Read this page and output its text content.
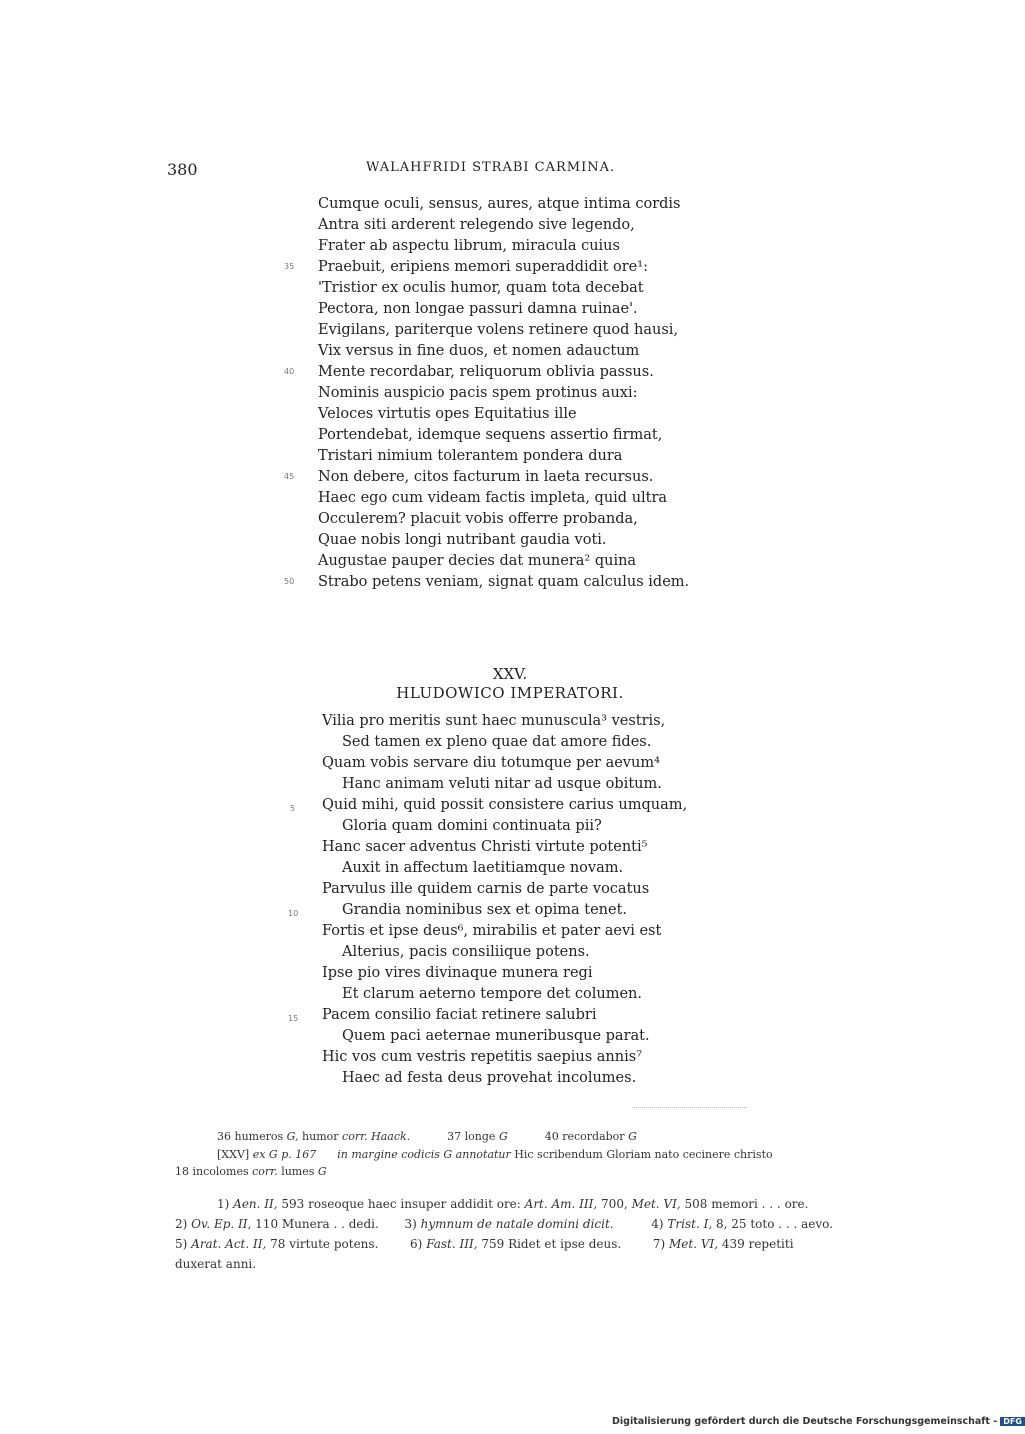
380	WALAHFRIDI STRABI CARMINA.
35
40
45
50
Cumque oculi, sensus, aures, atque intima cordis
Antra siti arderent relegendo sive legendo,
Frater ab aspectu librum, miracula cuius
Praebuit, eripiens memori superaddidit ore¹:
'Tristior ex oculis humor, quam tota decebat
Pectora, non longae passuri damna ruinae'.
Evigilans, pariterque volens retinere quod hausi,
Vix versus in fine duos, et nomen adauctum
Mente recordabar, reliquorum oblivia passus.
Nominis auspicio pacis spem protinus auxi:
Veloces virtutis opes Equitatius ille
Portendebat, idemque sequens assertio firmat,
Tristari nimium tolerantem pondera dura
Non debere, citos facturum in laeta recursus.
Haec ego cum videam factis impleta, quid ultra
Occulerem? placuit vobis offerre probanda,
Quae nobis longi nutribant gaudia voti.
Augustae pauper decies dat munera² quina
Strabo petens veniam, signat quam calculus idem.
XXV.
HLUDOWICO IMPERATORI.
5
10
15
Vilia pro meritis sunt haec munuscula³ vestris,
Sed tamen ex pleno quae dat amore fides.
Quam vobis servare diu totumque per aevum⁴
Hanc animam veluti nitar ad usque obitum.
Quid mihi, quid possit consistere carius umquam,
Gloria quam domini continuata pii?
Hanc sacer adventus Christi virtute potenti⁵
Auxit in affectum laetitiamque novam.
Parvulus ille quidem carnis de parte vocatus
Grandia nominibus sex et opima tenet.
Fortis et ipse deus⁶, mirabilis et pater aevi est
Alterius, pacis consiliique potens.
Ipse pio vires divinaque munera regi
Et clarum aeterno tempore det columen.
Pacem consilio faciat retinere salubri
Quem paci aeternae muneribusque parat.
Hic vos cum vestris repetitis saepius annis⁷
Haec ad festa deus provehat incolumes.
36 humeros G, humor corr. Haack.	37 longe G	40 recordabor G
[XXV] ex G p. 167 in margine codicis G annotatur Hic scribendum Gloriam nato cecinere christo
18 incolomes corr. lumes G
1) Aen. II, 593 roseoque haec insuper addidit ore: Art. Am. III, 700, Met. VI, 508 memori . . . ore.
2) Ov. Ep. II, 110 Munera . . dedi. 3) hymnum de natale domini dicit.	4) Trist. I, 8, 25 toto . . . aevo.
5) Arat. Act. II, 78 virtute potens.	6) Fast. III, 759 Ridet et ipse deus.	7) Met. VI, 439 repetiti
duxerat anni.
Digitalisierung gefördert durch die Deutsche Forschungsgemeinschaft - DFG
